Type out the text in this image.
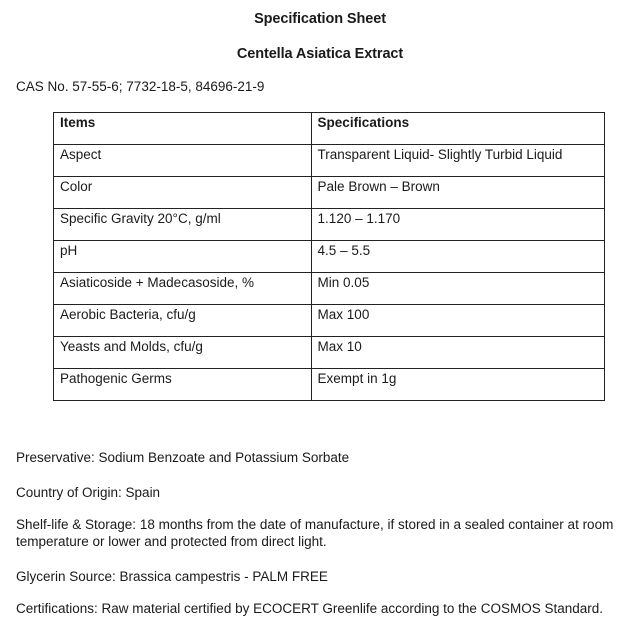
Specification Sheet
Centella Asiatica Extract
CAS No. 57-55-6; 7732-18-5, 84696-21-9
Items	Specifications
Aspect	Transparent Liquid- Slightly Turbid Liquid
Color	Pale Brown – Brown
Specific Gravity 20°C, g/ml	1.120 – 1.170
pH	4.5 – 5.5
Asiaticoside + Madecasoside, %	Min 0.05
Aerobic Bacteria, cfu/g	Max 100
Yeasts and Molds, cfu/g	Max 10
Pathogenic Germs	Exempt in 1g
Preservative: Sodium Benzoate and Potassium Sorbate
Country of Origin: Spain
Shelf-life & Storage: 18 months from the date of manufacture, if stored in a sealed container at room temperature or lower and protected from direct light.
Glycerin Source: Brassica campestris - PALM FREE
Certifications: Raw material certified by ECOCERT Greenlife according to the COSMOS Standard.
